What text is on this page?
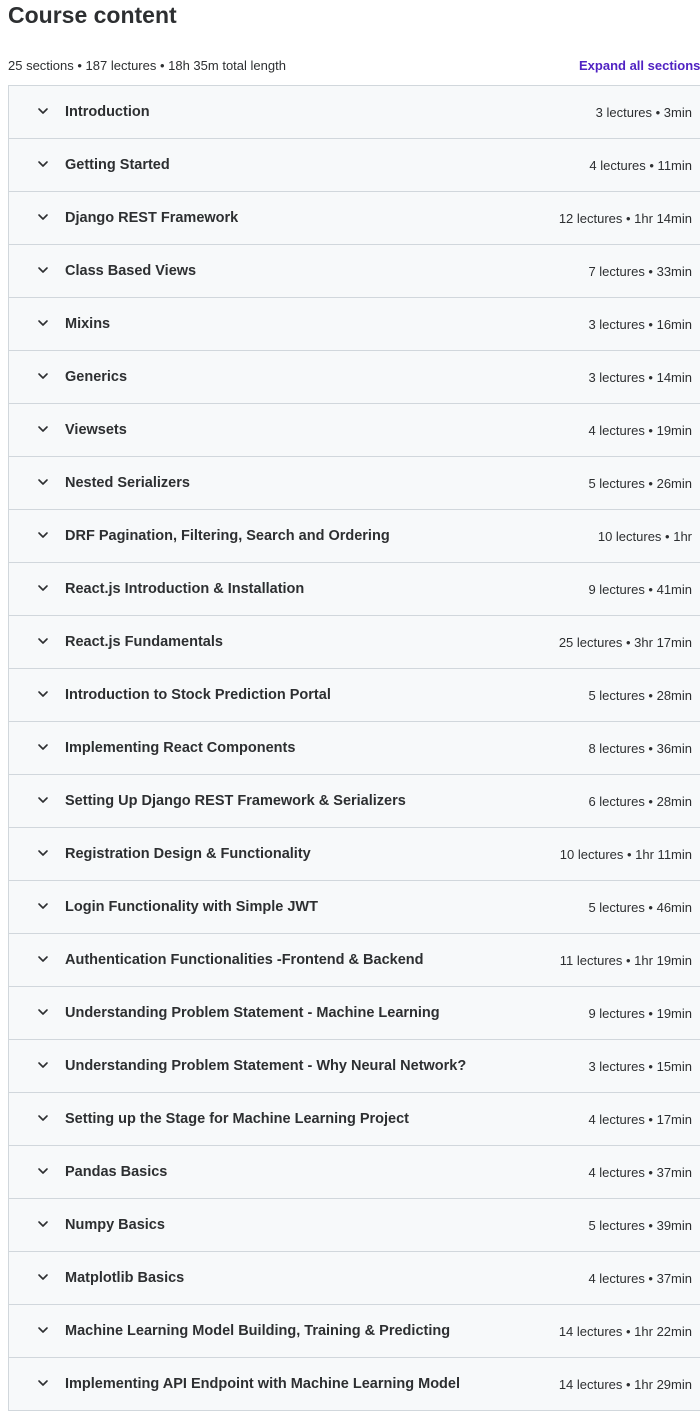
Course content
25 sections • 187 lectures • 18h 35m total length	Expand all sections
Introduction	3 lectures • 3min
Getting Started	4 lectures • 11min
Django REST Framework	12 lectures • 1hr 14min
Class Based Views	7 lectures • 33min
Mixins	3 lectures • 16min
Generics	3 lectures • 14min
Viewsets	4 lectures • 19min
Nested Serializers	5 lectures • 26min
DRF Pagination, Filtering, Search and Ordering	10 lectures • 1hr
React.js Introduction & Installation	9 lectures • 41min
React.js Fundamentals	25 lectures • 3hr 17min
Introduction to Stock Prediction Portal	5 lectures • 28min
Implementing React Components	8 lectures • 36min
Setting Up Django REST Framework & Serializers	6 lectures • 28min
Registration Design & Functionality	10 lectures • 1hr 11min
Login Functionality with Simple JWT	5 lectures • 46min
Authentication Functionalities -Frontend & Backend	11 lectures • 1hr 19min
Understanding Problem Statement - Machine Learning	9 lectures • 19min
Understanding Problem Statement - Why Neural Network?	3 lectures • 15min
Setting up the Stage for Machine Learning Project	4 lectures • 17min
Pandas Basics	4 lectures • 37min
Numpy Basics	5 lectures • 39min
Matplotlib Basics	4 lectures • 37min
Machine Learning Model Building, Training & Predicting	14 lectures • 1hr 22min
Implementing API Endpoint with Machine Learning Model	14 lectures • 1hr 29min
